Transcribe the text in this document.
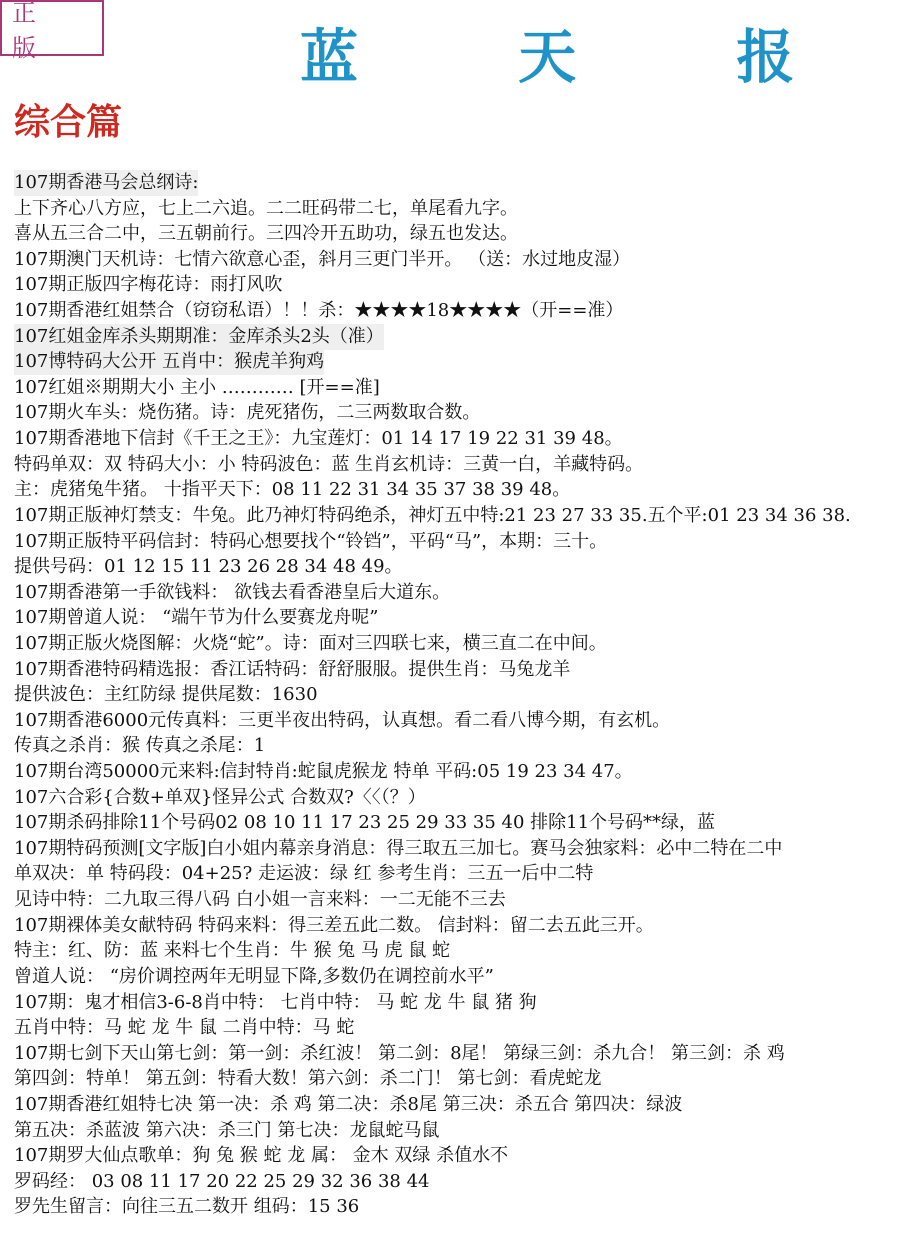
正 版	蓝 天 报
综合篇
107期香港马会总纲诗:
上下齐心八方应，七上二六追。二二旺码带二七，单尾看九字。
喜从五三合二中，三五朝前行。三四冷开五助功，绿五也发达。
107期澳门天机诗：七情六欲意心歪，斜月三更门半开。 （送：水过地皮湿）
107期正版四字梅花诗：雨打风吹
107期香港红姐禁合（窃窃私语）！！杀：★★★★18★★★★（开==准）
107红姐金库杀头期期准：金库杀头2头（准）
107博特码大公开 五肖中：猴虎羊狗鸡
107红姐※期期大小 主小 ………… [开==准]
107期火车头：烧伤猪。诗：虎死猪伤，二三两数取合数。
107期香港地下信封《千王之王》：九宝莲灯：01 14 17 19 22 31 39 48。
特码单双：双 特码大小：小 特码波色：蓝 生肖玄机诗：三黄一白，羊藏特码。
主：虎猪兔牛猪。 十指平天下：08 11 22 31 34 35 37 38 39 48。
107期正版神灯禁支：牛兔。此乃神灯特码绝杀，神灯五中特:21 23 27 33 35.五个平:01 23 34 36 38.
107期正版特平码信封：特码心想要找个“铃铛”，平码“马”，本期：三十。
提供号码：01 12 15 11 23 26 28 34 48 49。
107期香港第一手欲钱料： 欲钱去看香港皇后大道东。
107期曾道人说： “端午节为什么要赛龙舟呢”
107期正版火烧图解：火烧“蛇”。诗：面对三四联七来，横三直二在中间。
107期香港特码精选报：香江话特码：舒舒服服。提供生肖：马兔龙羊
提供波色：主红防绿 提供尾数：1630
107期香港6000元传真料：三更半夜出特码，认真想。看二看八博今期，有玄机。
传真之杀肖：猴 传真之杀尾：1
107期台湾50000元来料:信封特肖:蛇鼠虎猴龙 特单 平码:05 19 23 34 47。
107六合彩{合数+单双}怪异公式 合数双?〈〈（？）
107期杀码排除11个号码02 08 10 11 17 23 25 29 33 35 40 排除11个号码**绿，蓝
107期特码预测[文字版]白小姐内幕亲身消息：得三取五三加七。赛马会独家料：必中二特在二中
单双决：单 特码段：04+25? 走运波：绿 红 参考生肖：三五一后中二特
见诗中特：二九取三得八码 白小姐一言来料：一二无能不三去
107期裸体美女献特码 特码来料：得三差五此二数。 信封料：留二去五此三开。
特主：红、防：蓝 来料七个生肖：牛 猴 兔 马 虎 鼠 蛇
曾道人说： “房价调控两年无明显下降,多数仍在调控前水平”
107期：鬼才相信3-6-8肖中特： 七肖中特： 马 蛇 龙 牛 鼠 猪 狗
五肖中特：马 蛇 龙 牛 鼠 二肖中特：马 蛇
107期七剑下天山第七剑：第一剑：杀红波！ 第二剑：8尾！ 第绿三剑：杀九合！ 第三剑：杀 鸡
第四剑：特单！ 第五剑：特看大数！第六剑：杀二门！ 第七剑：看虎蛇龙
107期香港红姐特七决 第一决：杀 鸡 第二决：杀8尾 第三决：杀五合 第四决：绿波
第五决：杀蓝波 第六决：杀三门 第七决：龙鼠蛇马鼠
107期罗大仙点歌单：狗 兔 猴 蛇 龙 属： 金木 双绿 杀值水不
罗码经： 03 08 11 17 20 22 25 29 32 36 38 44
罗先生留言：向往三五二数开 组码：15 36
